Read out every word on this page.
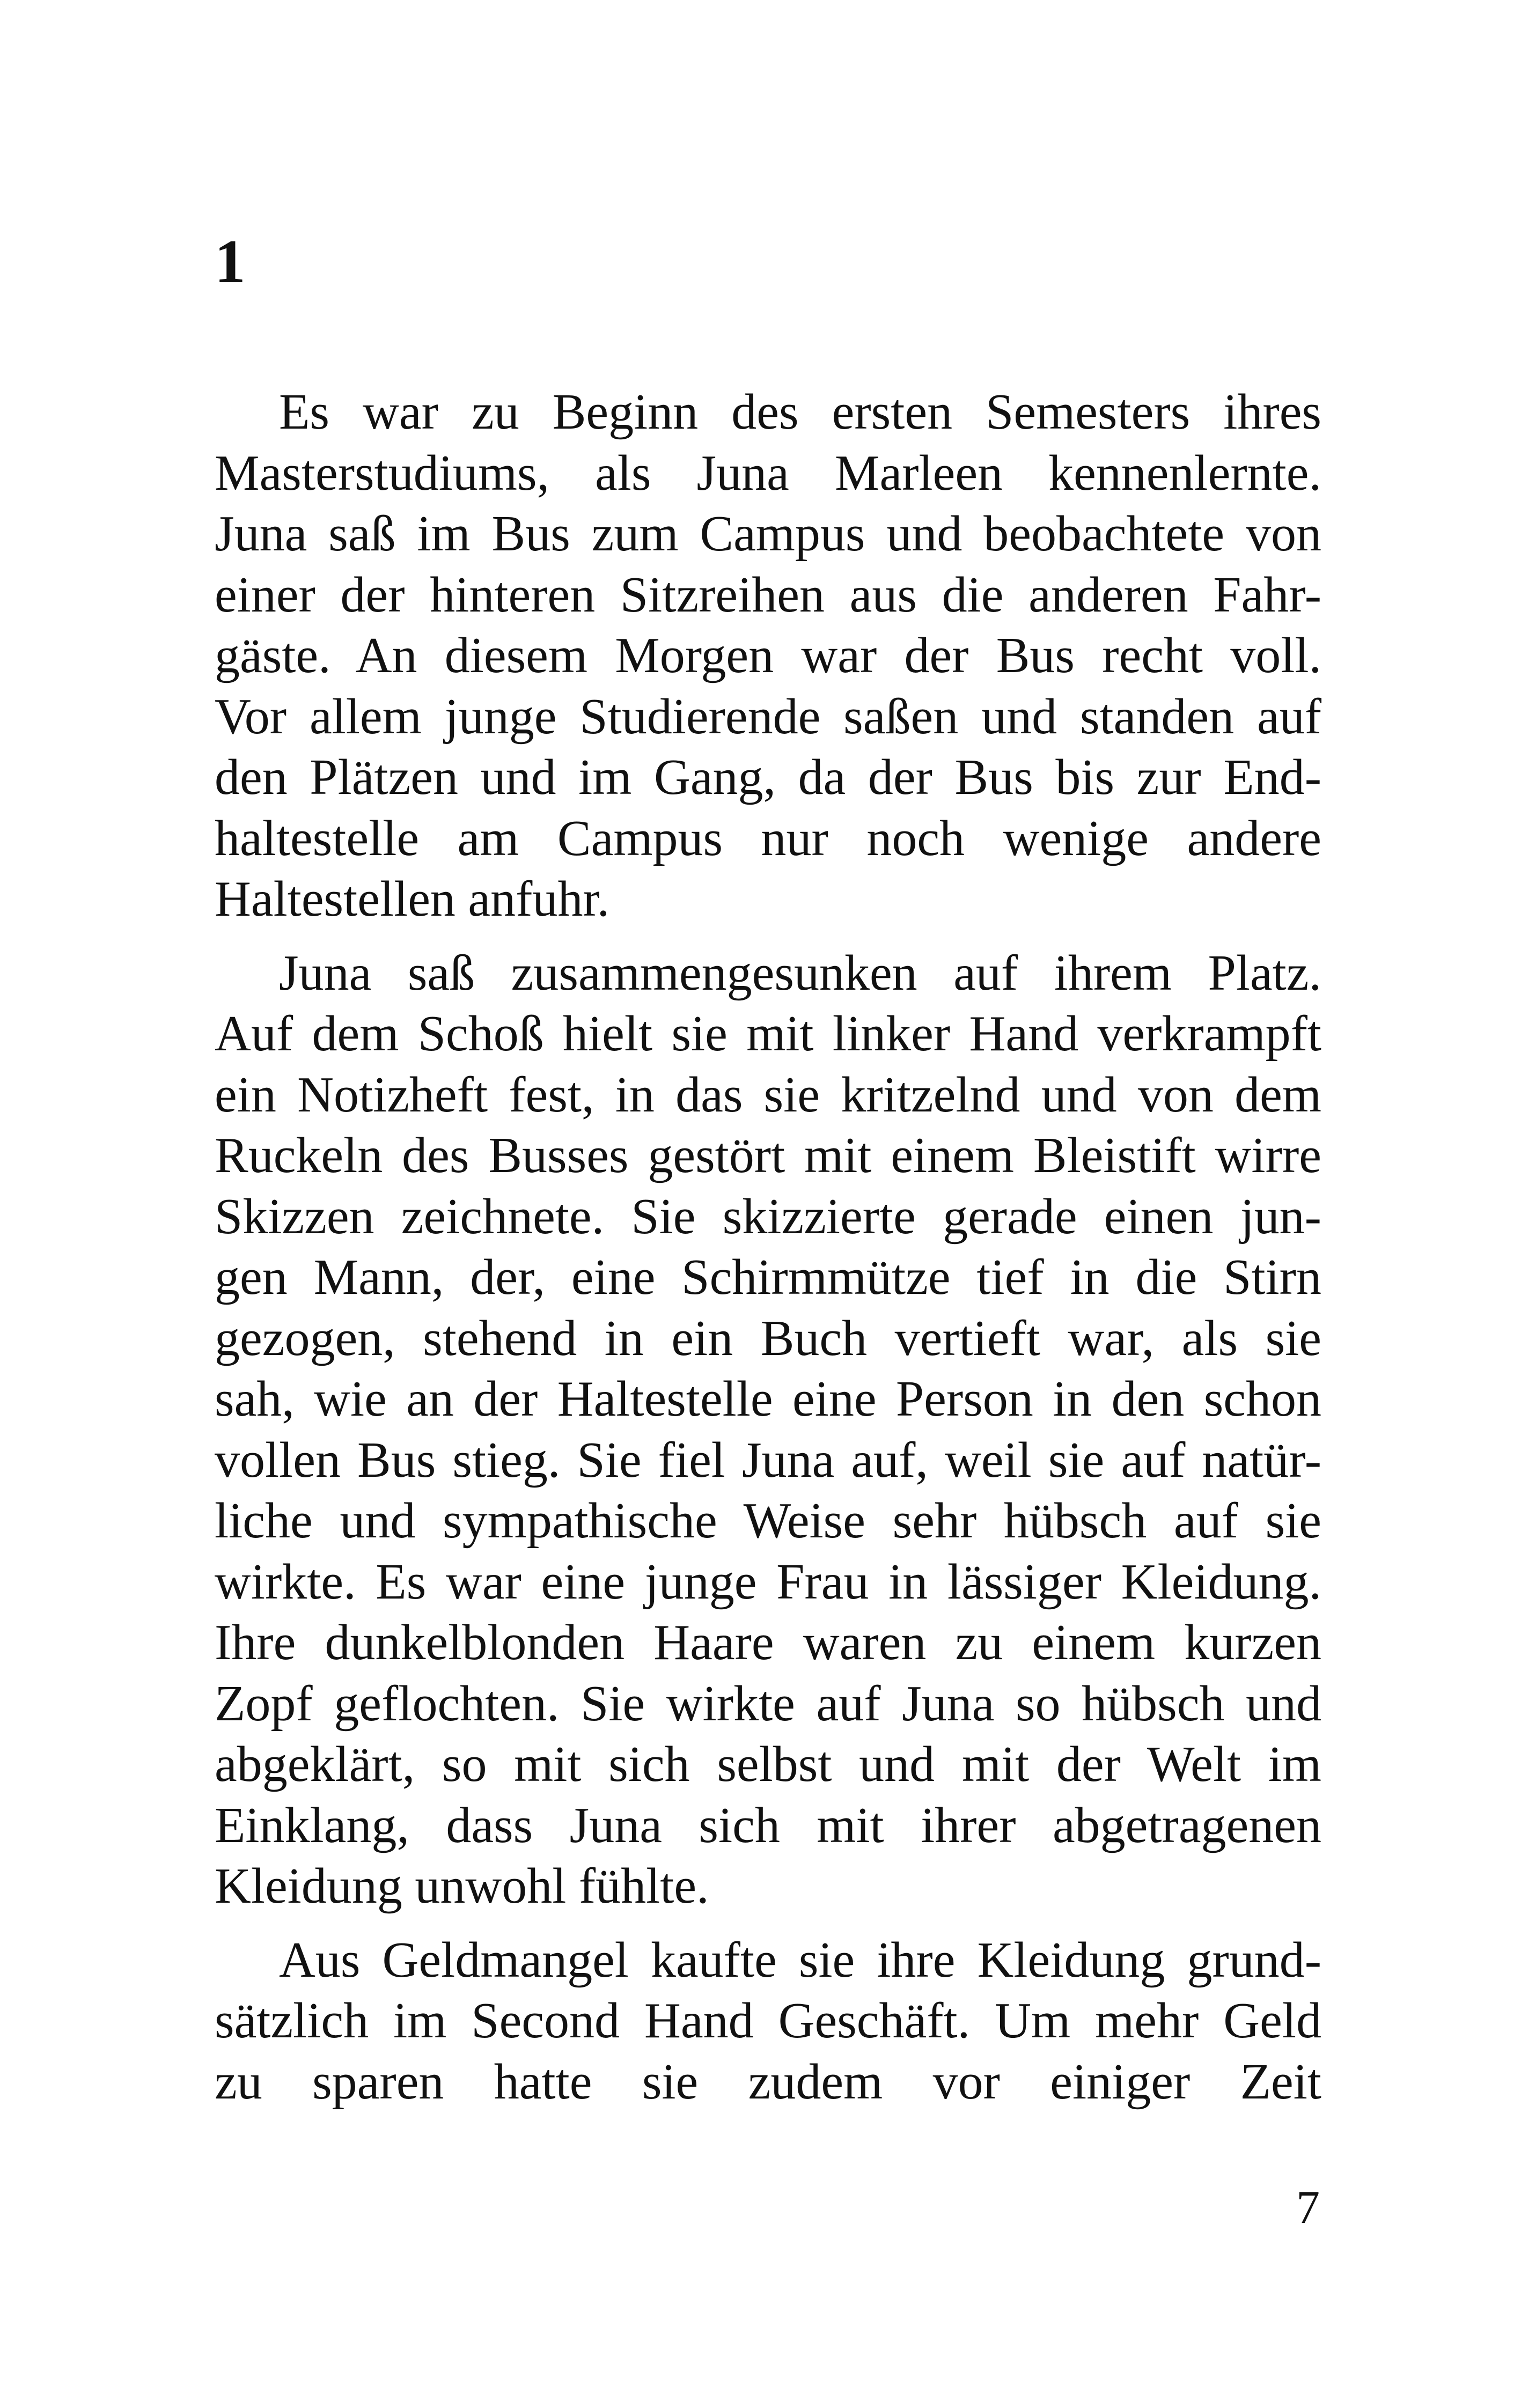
1
Es war zu Beginn des ersten Semesters ihres
Masterstudiums, als Juna Marleen kennenlernte.
Juna saß im Bus zum Campus und beobachtete von
einer der hinteren Sitzreihen aus die anderen Fahr-
gäste. An diesem Morgen war der Bus recht voll.
Vor allem junge Studierende saßen und standen auf
den Plätzen und im Gang, da der Bus bis zur End-
haltestelle am Campus nur noch wenige andere
Haltestellen anfuhr.
Juna saß zusammengesunken auf ihrem Platz.
Auf dem Schoß hielt sie mit linker Hand verkrampft
ein Notizheft fest, in das sie kritzelnd und von dem
Ruckeln des Busses gestört mit einem Bleistift wirre
Skizzen zeichnete. Sie skizzierte gerade einen jun-
gen Mann, der, eine Schirmmütze tief in die Stirn
gezogen, stehend in ein Buch vertieft war, als sie
sah, wie an der Haltestelle eine Person in den schon
vollen Bus stieg. Sie fiel Juna auf, weil sie auf natür-
liche und sympathische Weise sehr hübsch auf sie
wirkte. Es war eine junge Frau in lässiger Kleidung.
Ihre dunkelblonden Haare waren zu einem kurzen
Zopf geflochten. Sie wirkte auf Juna so hübsch und
abgeklärt, so mit sich selbst und mit der Welt im
Einklang, dass Juna sich mit ihrer abgetragenen
Kleidung unwohl fühlte.
Aus Geldmangel kaufte sie ihre Kleidung grund-
sätzlich im Second Hand Geschäft. Um mehr Geld
zu sparen hatte sie zudem vor einiger Zeit
7
